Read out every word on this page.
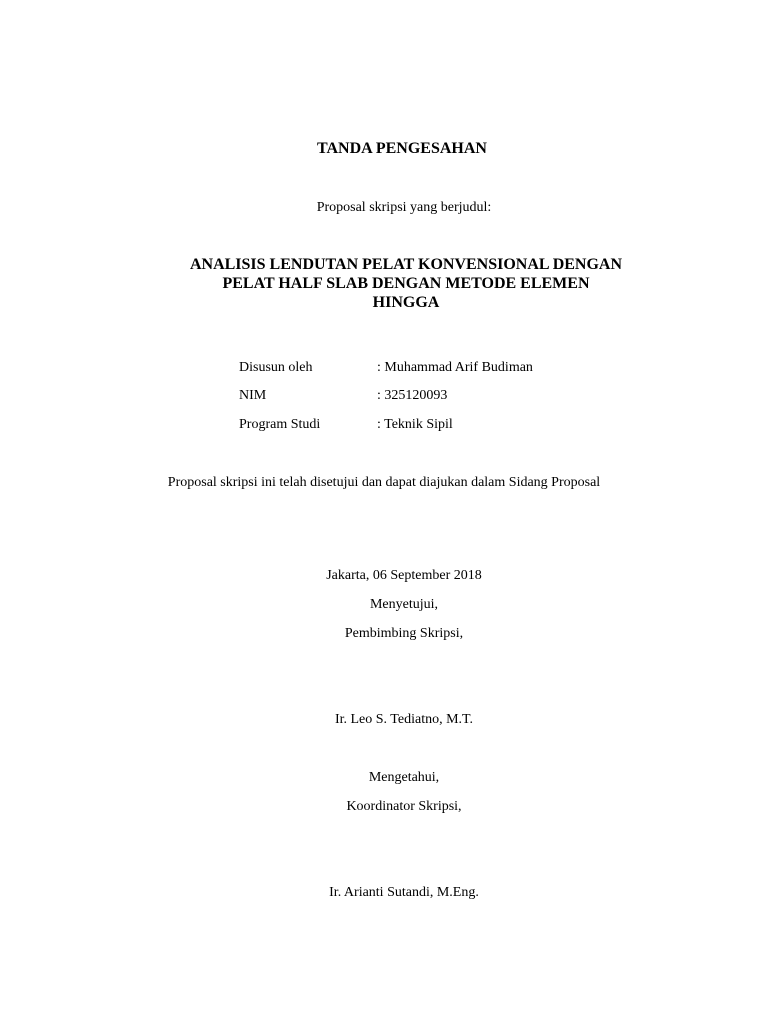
TANDA PENGESAHAN
Proposal skripsi yang berjudul:
ANALISIS LENDUTAN PELAT KONVENSIONAL DENGAN
PELAT HALF SLAB DENGAN METODE ELEMEN
HINGGA
Disusun oleh	: Muhammad Arif Budiman
NIM	: 325120093
Program Studi	: Teknik Sipil
Proposal skripsi ini telah disetujui dan dapat diajukan dalam Sidang Proposal
Jakarta, 06 September 2018
Menyetujui,
Pembimbing Skripsi,
Ir. Leo S. Tediatno, M.T.
Mengetahui,
Koordinator Skripsi,
Ir. Arianti Sutandi, M.Eng.
